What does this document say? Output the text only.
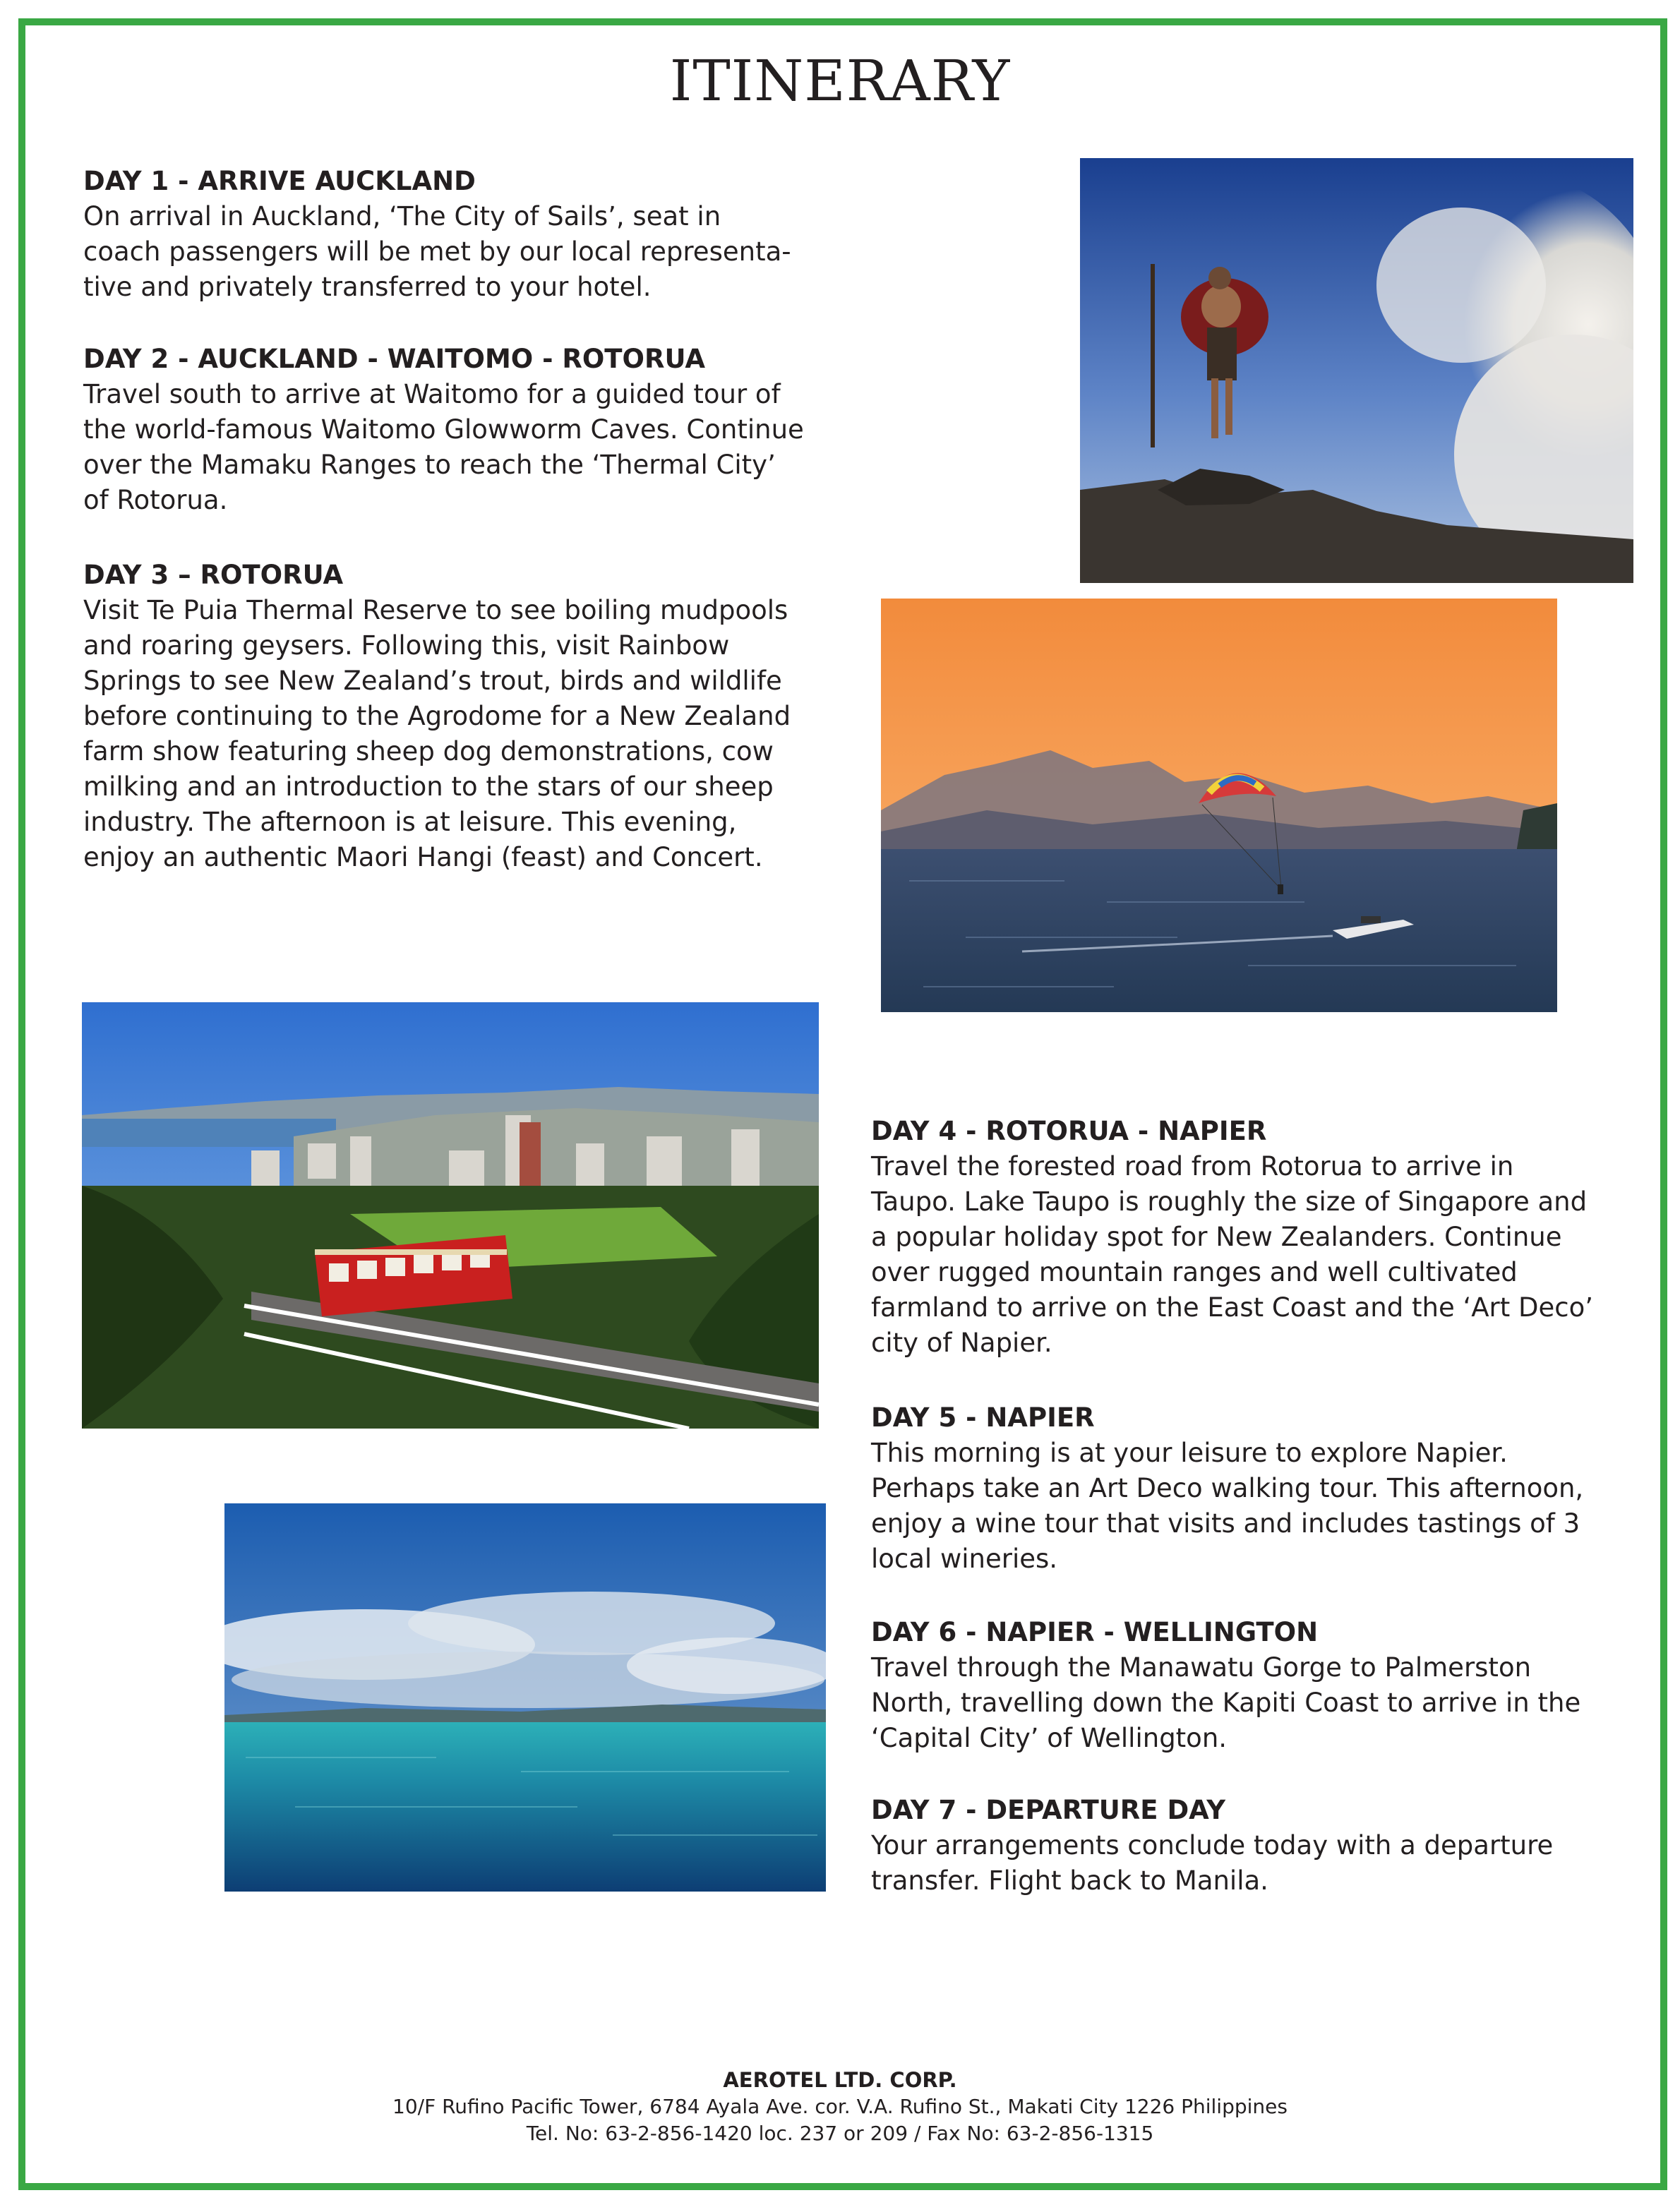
ITINERARY
DAY 1 - ARRIVE AUCKLAND

On arrival in Auckland, ‘The City of Sails’, seat in

coach passengers will be met by our local representa-

tive and privately transferred to your hotel.

DAY 2 - AUCKLAND - WAITOMO - ROTORUA

Travel south to arrive at Waitomo for a guided tour of

the world-famous Waitomo Glowworm Caves. Continue

over the Mamaku Ranges to reach the ‘Thermal City’

of Rotorua.

DAY 3 – ROTORUA

Visit Te Puia Thermal Reserve to see boiling mudpools

and roaring geysers. Following this, visit Rainbow

Springs to see New Zealand’s trout, birds and wildlife

before continuing to the Agrodome for a New Zealand

farm show featuring sheep dog demonstrations, cow

milking and an introduction to the stars of our sheep

industry. The afternoon is at leisure. This evening,

enjoy an authentic Maori Hangi (feast) and Concert.

DAY 4 - ROTORUA - NAPIER

Travel the forested road from Rotorua to arrive in

Taupo. Lake Taupo is roughly the size of Singapore and

a popular holiday spot for New Zealanders. Continue

over rugged mountain ranges and well cultivated

farmland to arrive on the East Coast and the ‘Art Deco’

city of Napier.

DAY 5 - NAPIER

This morning is at your leisure to explore Napier.

Perhaps take an Art Deco walking tour. This afternoon,

enjoy a wine tour that visits and includes tastings of 3

local wineries.

DAY 6 - NAPIER - WELLINGTON

Travel through the Manawatu Gorge to Palmerston

North, travelling down the Kapiti Coast to arrive in the

‘Capital City’ of Wellington.

DAY 7 - DEPARTURE DAY

Your arrangements conclude today with a departure

transfer. Flight back to Manila.

AEROTEL LTD. CORP.
10/F Rufino Pacific Tower, 6784 Ayala Ave. cor. V.A. Rufino St., Makati City 1226 Philippines
Tel. No: 63-2-856-1420 loc. 237 or 209 / Fax No: 63-2-856-1315
